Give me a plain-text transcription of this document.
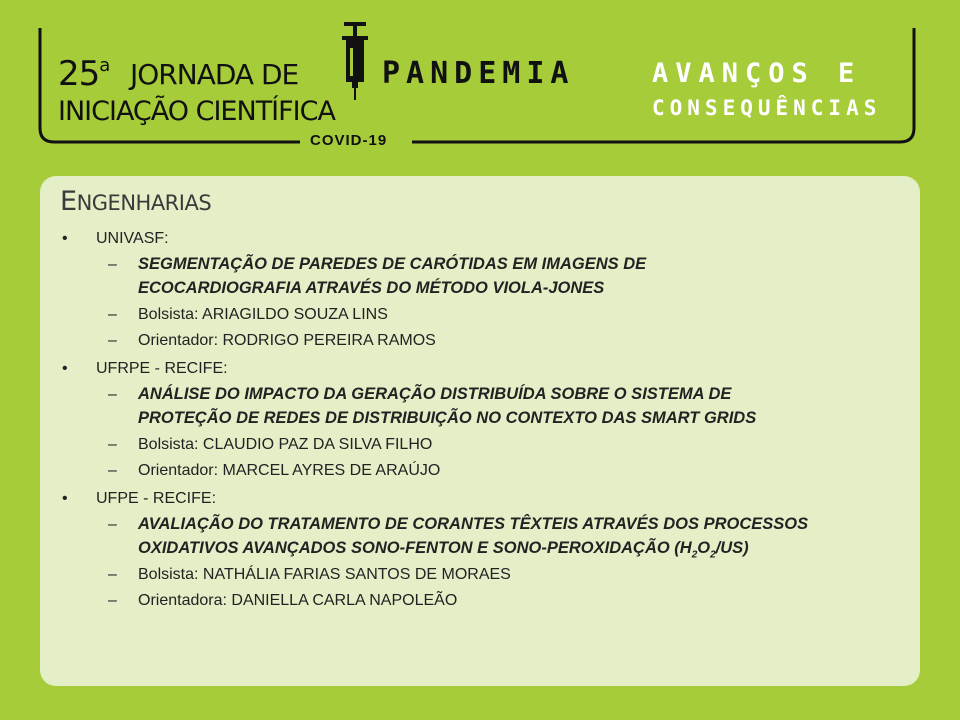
25$^a$ JORNADA DE
INICIAÇÃO CIENTÍFICA
COVID-19
PANDEMIA	AVANÇOS E
CONSEQUÊNCIAS
ENGENHARIAS
• UNIVASF:
– SEGMENTAÇÃO DE PAREDES DE CARÓTIDAS EM IMAGENS DE
ECOCARDIOGRAFIA ATRAVÉS DO MÉTODO VIOLA-JONES
– Bolsista: ARIAGILDO SOUZA LINS
– Orientador: RODRIGO PEREIRA RAMOS
• UFRPE - RECIFE:
– ANÁLISE DO IMPACTO DA GERAÇÃO DISTRIBUÍDA SOBRE O SISTEMA DE
PROTEÇÃO DE REDES DE DISTRIBUIÇÃO NO CONTEXTO DAS SMART GRIDS
– Bolsista: CLAUDIO PAZ DA SILVA FILHO
– Orientador: MARCEL AYRES DE ARAÚJO
• UFPE - RECIFE:
– AVALIAÇÃO DO TRATAMENTO DE CORANTES TÊXTEIS ATRAVÉS DOS PROCESSOS
OXIDATIVOS AVANÇADOS SONO-FENTON E SONO-PEROXIDAÇÃO $(H_2O_2/US)$
– Bolsista: NATHÁLIA FARIAS SANTOS DE MORAES
– Orientadora: DANIELLA CARLA NAPOLEÃO
